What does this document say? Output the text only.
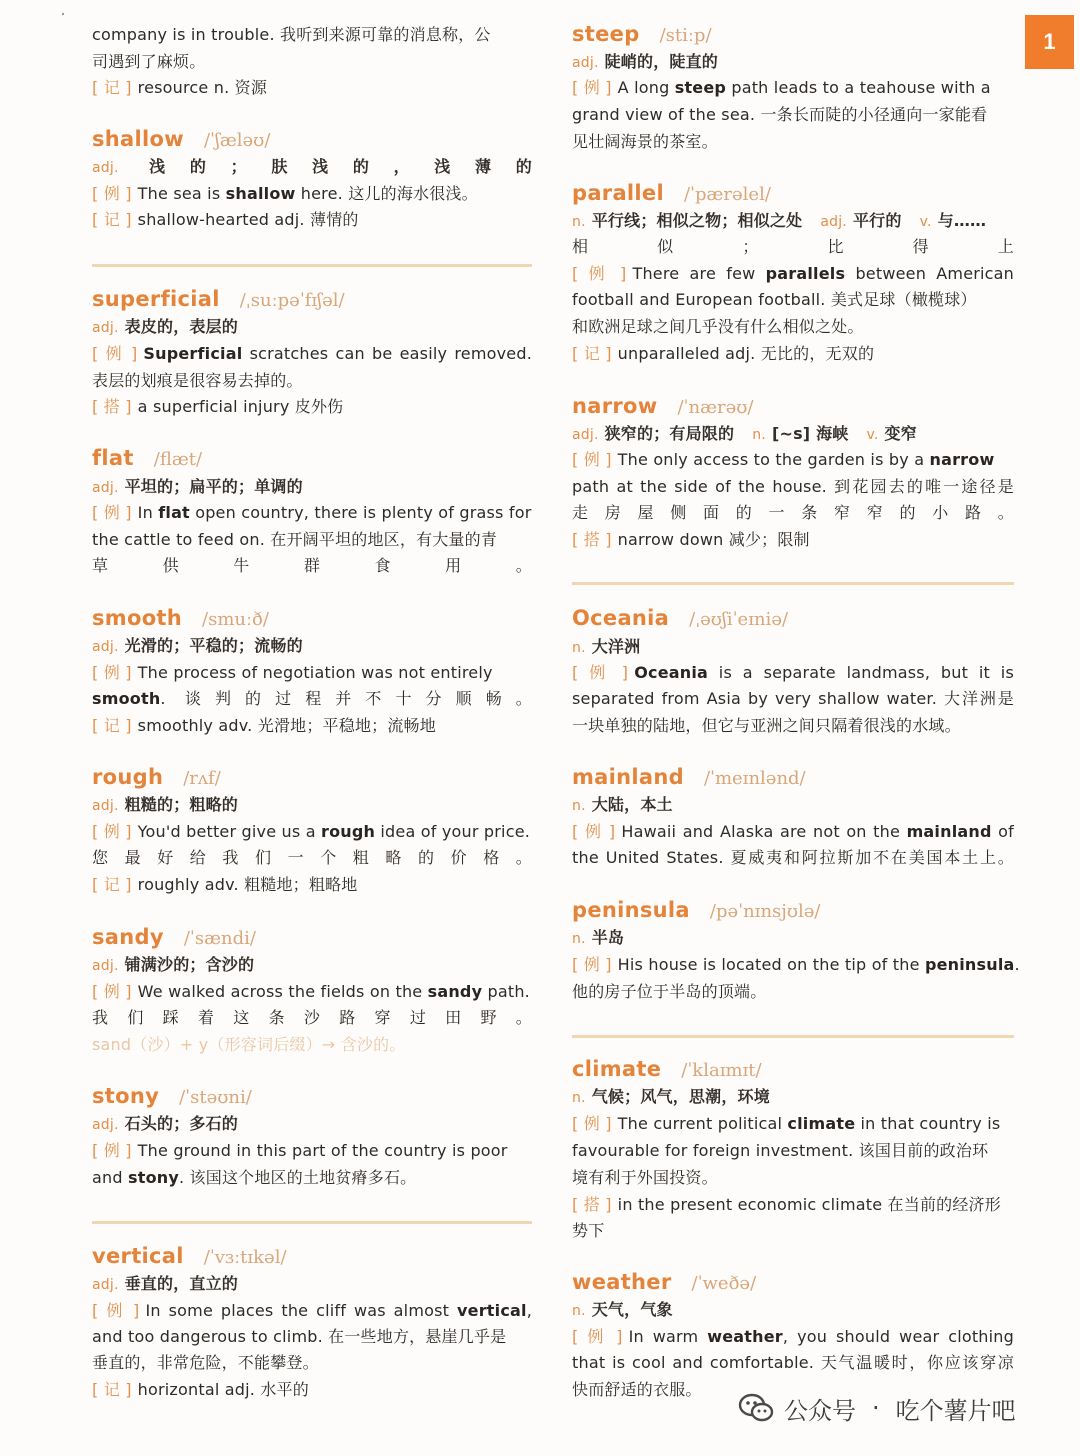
1
company is in trouble. 我听到来源可靠的消息称，公
司遇到了麻烦。
[ 记 ] resource n. 资源
shallow /ˈʃæləʊ/
adj. 浅的；肤浅的，浅薄的
[ 例 ] The sea is shallow here. 这儿的海水很浅。
[ 记 ] shallow-hearted adj. 薄情的
superficial /ˌsuːpəˈfɪʃəl/
adj. 表皮的，表层的
[ 例 ] Superficial scratches can be easily removed.
表层的划痕是很容易去掉的。
[ 搭 ] a superficial injury 皮外伤
flat /flæt/
adj. 平坦的；扁平的；单调的
[ 例 ] In flat open country, there is plenty of grass for
the cattle to feed on. 在开阔平坦的地区，有大量的青
草供牛群食用。
smooth /smuːð/
adj. 光滑的；平稳的；流畅的
[ 例 ] The process of negotiation was not entirely
smooth. 谈判的过程并不十分顺畅。
[ 记 ] smoothly adv. 光滑地；平稳地；流畅地
rough /rʌf/
adj. 粗糙的；粗略的
[ 例 ] You'd better give us a rough idea of your price.
您最好给我们一个粗略的价格。
[ 记 ] roughly adv. 粗糙地；粗略地
sandy /ˈsændi/
adj. 铺满沙的；含沙的
[ 例 ] We walked across the fields on the sandy path.
我们踩着这条沙路穿过田野。
sand（沙）+ y（形容词后缀）→ 含沙的。
stony /ˈstəʊni/
adj. 石头的；多石的
[ 例 ] The ground in this part of the country is poor
and stony. 该国这个地区的土地贫瘠多石。
vertical /ˈvɜːtɪkəl/
adj. 垂直的，直立的
[ 例 ] In some places the cliff was almost vertical,
and too dangerous to climb. 在一些地方，悬崖几乎是
垂直的，非常危险，不能攀登。
[ 记 ] horizontal adj. 水平的
steep /stiːp/
adj. 陡峭的，陡直的
[ 例 ] A long steep path leads to a teahouse with a
grand view of the sea. 一条长而陡的小径通向一家能看
见壮阔海景的茶室。
parallel /ˈpærəlel/
n. 平行线；相似之物；相似之处 adj. 平行的 v. 与……
相似；比得上
[ 例 ] There are few parallels between American
football and European football. 美式足球（橄榄球）
和欧洲足球之间几乎没有什么相似之处。
[ 记 ] unparalleled adj. 无比的，无双的
narrow /ˈnærəʊ/
adj. 狭窄的；有局限的 n. [~s] 海峡 v. 变窄
[ 例 ] The only access to the garden is by a narrow
path at the side of the house. 到花园去的唯一途径是
走房屋侧面的一条窄窄的小路。
[ 搭 ] narrow down 减少；限制
Oceania /ˌəʊʃiˈeɪniə/
n. 大洋洲
[ 例 ] Oceania is a separate landmass, but it is
separated from Asia by very shallow water. 大洋洲是
一块单独的陆地，但它与亚洲之间只隔着很浅的水域。
mainland /ˈmeɪnlənd/
n. 大陆，本土
[ 例 ] Hawaii and Alaska are not on the mainland of
the United States. 夏威夷和阿拉斯加不在美国本土上。
peninsula /pəˈnɪnsjʊlə/
n. 半岛
[ 例 ] His house is located on the tip of the peninsula.
他的房子位于半岛的顶端。
climate /ˈklaɪmɪt/
n. 气候；风气，思潮，环境
[ 例 ] The current political climate in that country is
favourable for foreign investment. 该国目前的政治环
境有利于外国投资。
[ 搭 ] in the present economic climate 在当前的经济形
势下
weather /ˈweðə/
n. 天气，气象
[ 例 ] In warm weather, you should wear clothing
that is cool and comfortable. 天气温暖时，你应该穿凉
快而舒适的衣服。
公众号 · 吃个薯片吧
